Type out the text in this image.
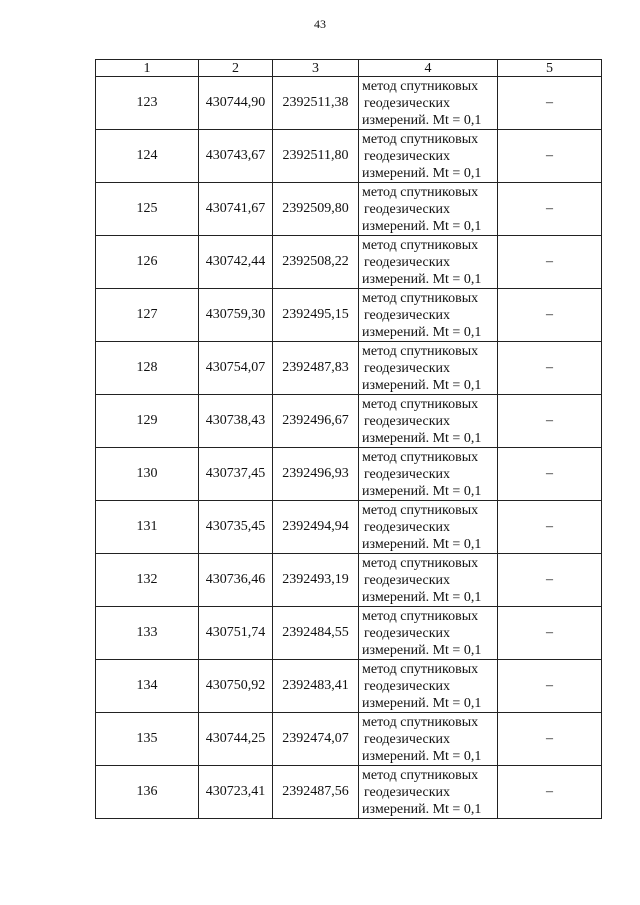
43
1	2	3	4	5
123	430744,90	2392511,38	метод спутниковых
геодезических
измерений. Mt = 0,1	–
124	430743,67	2392511,80	метод спутниковых
геодезических
измерений. Mt = 0,1	–
125	430741,67	2392509,80	метод спутниковых
геодезических
измерений. Mt = 0,1	–
126	430742,44	2392508,22	метод спутниковых
геодезических
измерений. Mt = 0,1	–
127	430759,30	2392495,15	метод спутниковых
геодезических
измерений. Mt = 0,1	–
128	430754,07	2392487,83	метод спутниковых
геодезических
измерений. Mt = 0,1	–
129	430738,43	2392496,67	метод спутниковых
геодезических
измерений. Mt = 0,1	–
130	430737,45	2392496,93	метод спутниковых
геодезических
измерений. Mt = 0,1	–
131	430735,45	2392494,94	метод спутниковых
геодезических
измерений. Mt = 0,1	–
132	430736,46	2392493,19	метод спутниковых
геодезических
измерений. Mt = 0,1	–
133	430751,74	2392484,55	метод спутниковых
геодезических
измерений. Mt = 0,1	–
134	430750,92	2392483,41	метод спутниковых
геодезических
измерений. Mt = 0,1	–
135	430744,25	2392474,07	метод спутниковых
геодезических
измерений. Mt = 0,1	–
136	430723,41	2392487,56	метод спутниковых
геодезических
измерений. Mt = 0,1	–
